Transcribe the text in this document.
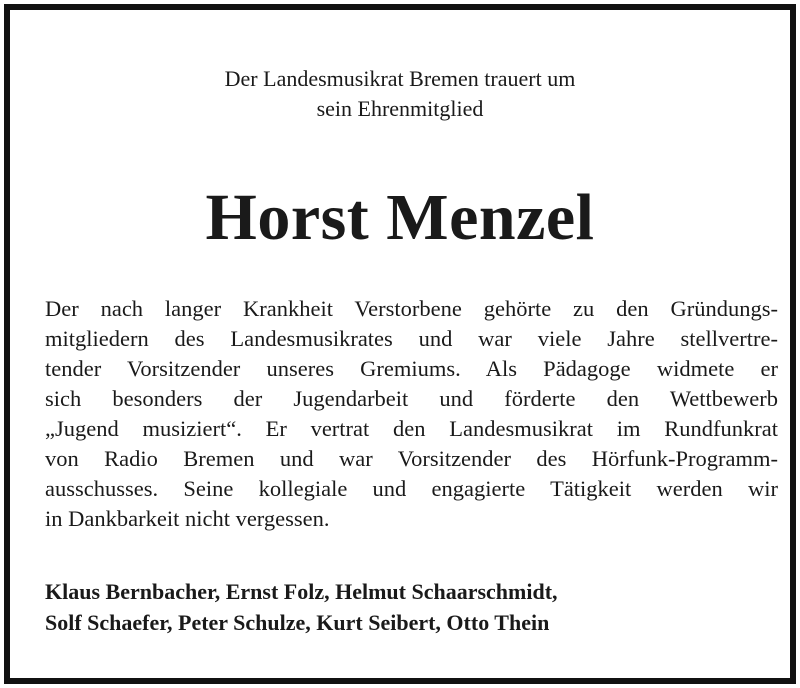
Der Landesmusikrat Bremen trauert um
sein Ehrenmitglied
Horst Menzel
Der nach langer Krankheit Verstorbene gehörte zu den Gründungs-
mitgliedern des Landesmusikrates und war viele Jahre stellvertre-
tender Vorsitzender unseres Gremiums. Als Pädagoge widmete er
sich besonders der Jugendarbeit und förderte den Wettbewerb
„Jugend musiziert“. Er vertrat den Landesmusikrat im Rundfunkrat
von Radio Bremen und war Vorsitzender des Hörfunk-Programm-
ausschusses. Seine kollegiale und engagierte Tätigkeit werden wir
in Dankbarkeit nicht vergessen.
Klaus Bernbacher, Ernst Folz, Helmut Schaarschmidt,
Solf Schaefer, Peter Schulze, Kurt Seibert, Otto Thein
